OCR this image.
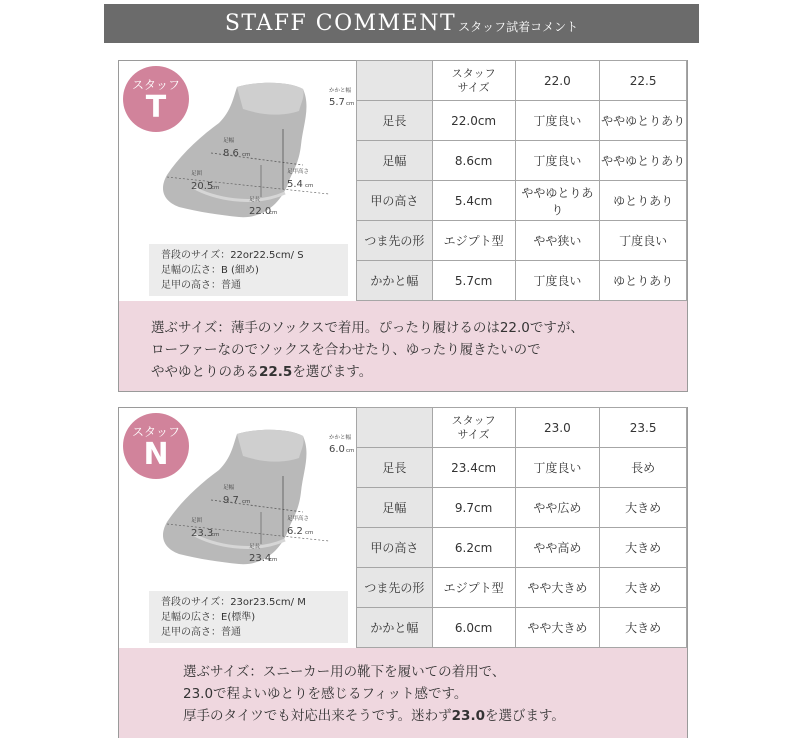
STAFF COMMENT スタッフ試着コメント
スタッフ
T	かかと幅
5.7 cm
足幅
8.6 cm
足甲高さ
5.4 cm
足囲
20.5
cm
足長
22.0
cm
普段のサイズ：22or22.5cm/ S
足幅の広さ：B (細め)
足甲の高さ：普通
	スタッフ
サイズ	22.0	22.5
足長	22.0cm	丁度良い	ややゆとりあり
足幅	8.6cm	丁度良い	ややゆとりあり
甲の高さ	5.4cm	ややゆとりあり	ゆとりあり
つま先の形	エジプト型	やや狭い	丁度良い
かかと幅	5.7cm	丁度良い	ゆとりあり
選ぶサイズ：薄手のソックスで着用。ぴったり履けるのは22.0ですが、
ローファーなのでソックスを合わせたり、ゆったり履きたいので
ややゆとりのある22.5を選びます。
スタッフ
N	かかと幅
6.0 cm
足幅
9.7 cm
足甲高さ
6.2 cm
足囲
23.3
cm
足長
23.4
cm
普段のサイズ：23or23.5cm/ M
足幅の広さ：E(標準)
足甲の高さ：普通
	スタッフ
サイズ	23.0	23.5
足長	23.4cm	丁度良い	長め
足幅	9.7cm	やや広め	大きめ
甲の高さ	6.2cm	やや高め	大きめ
つま先の形	エジプト型	やや大きめ	大きめ
かかと幅	6.0cm	やや大きめ	大きめ
選ぶサイズ：スニーカー用の靴下を履いての着用で、
23.0で程よいゆとりを感じるフィット感です。
厚手のタイツでも対応出来そうです。迷わず23.0を選びます。
